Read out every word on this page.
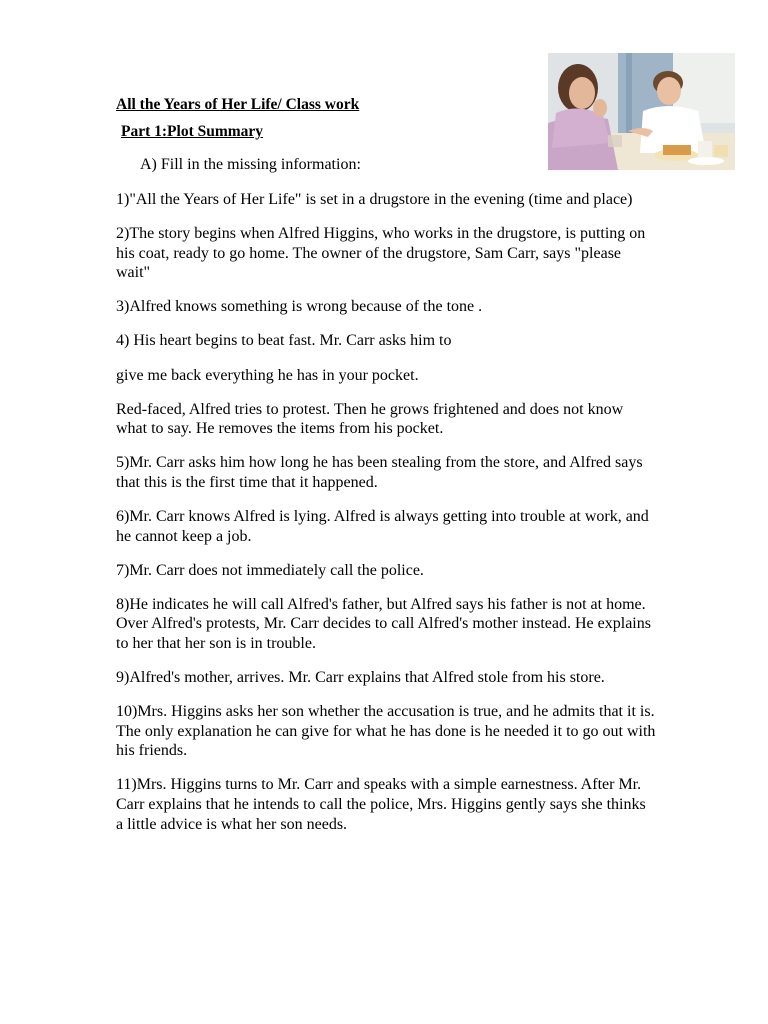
All the Years of Her Life/ Class work
Part 1:Plot Summary
A) Fill in the missing information:

1)"All the Years of Her Life" is set in a drugstore in the evening (time and place)

2)The story begins when Alfred Higgins, who works in the drugstore, is putting on his coat, ready to go home. The owner of the drugstore, Sam Carr, says "please wait"

3)Alfred knows something is wrong because of the tone .

4) His heart begins to beat fast. Mr. Carr asks him to

give me back everything he has in your pocket.

Red-faced, Alfred tries to protest. Then he grows frightened and does not know what to say. He removes the items from his pocket.

5)Mr. Carr asks him how long he has been stealing from the store, and Alfred says that this is the first time that it happened.

6)Mr. Carr knows Alfred is lying. Alfred is always getting into trouble at work, and he cannot keep a job.

7)Mr. Carr does not immediately call the police.

8)He indicates he will call Alfred's father, but Alfred says his father is not at home. Over Alfred's protests, Mr. Carr decides to call Alfred's mother instead. He explains to her that her son is in trouble.

9)Alfred's mother, arrives. Mr. Carr explains that Alfred stole from his store.

10)Mrs. Higgins asks her son whether the accusation is true, and he admits that it is. The only explanation he can give for what he has done is he needed it to go out with his friends.

11)Mrs. Higgins turns to Mr. Carr and speaks with a simple earnestness. After Mr. Carr explains that he intends to call the police, Mrs. Higgins gently says she thinks a little advice is what her son needs.
